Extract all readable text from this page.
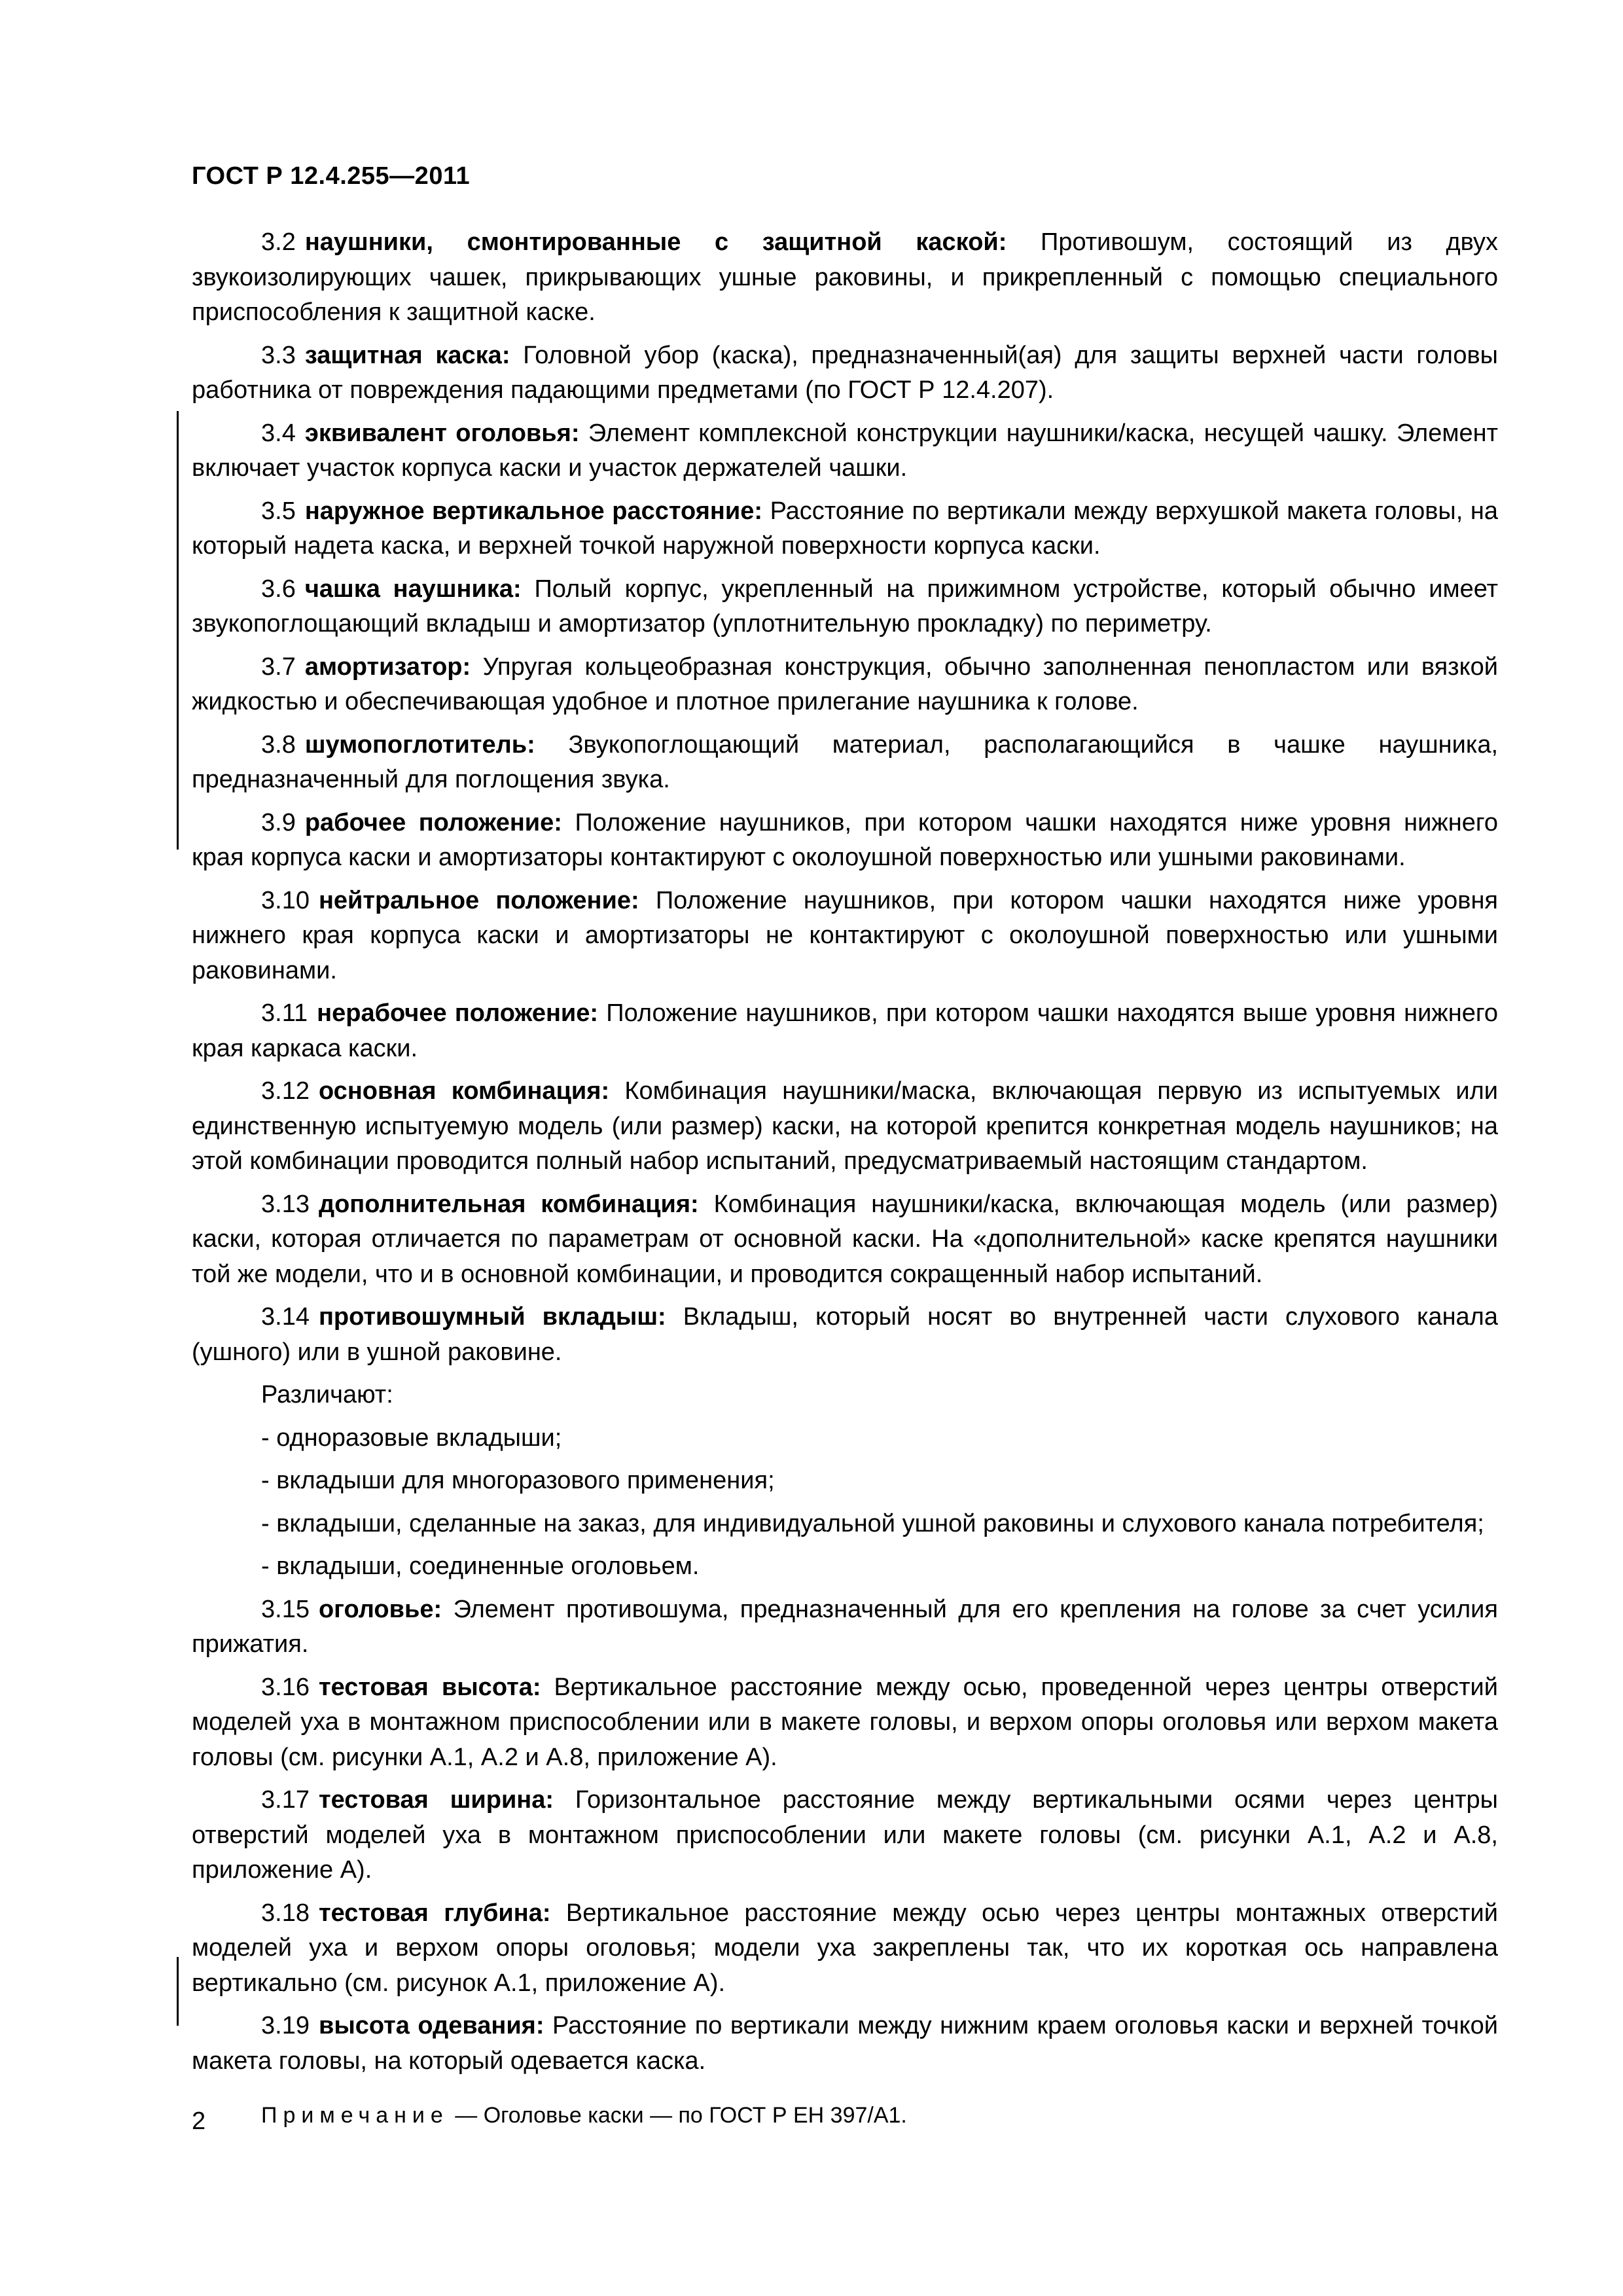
ГОСТ Р 12.4.255—2011

3.2 наушники, смонтированные с защитной каской: Противошум, состоящий из двух звукоизолирующих чашек, прикрывающих ушные раковины, и прикрепленный с помощью специального приспособления к защитной каске.

3.3 защитная каска: Головной убор (каска), предназначенный(ая) для защиты верхней части головы работника от повреждения падающими предметами (по ГОСТ Р 12.4.207).

3.4 эквивалент оголовья: Элемент комплексной конструкции наушники/каска, несущей чашку. Элемент включает участок корпуса каски и участок держателей чашки.

3.5 наружное вертикальное расстояние: Расстояние по вертикали между верхушкой макета головы, на который надета каска, и верхней точкой наружной поверхности корпуса каски.

3.6 чашка наушника: Полый корпус, укрепленный на прижимном устройстве, который обычно имеет звукопоглощающий вкладыш и амортизатор (уплотнительную прокладку) по периметру.

3.7 амортизатор: Упругая кольцеобразная конструкция, обычно заполненная пенопластом или вязкой жидкостью и обеспечивающая удобное и плотное прилегание наушника к голове.

3.8 шумопоглотитель: Звукопоглощающий материал, располагающийся в чашке наушника, предназначенный для поглощения звука.

3.9 рабочее положение: Положение наушников, при котором чашки находятся ниже уровня нижнего края корпуса каски и амортизаторы контактируют с околоушной поверхностью или ушными раковинами.

3.10 нейтральное положение: Положение наушников, при котором чашки находятся ниже уровня нижнего края корпуса каски и амортизаторы не контактируют с околоушной поверхностью или ушными раковинами.

3.11 нерабочее положение: Положение наушников, при котором чашки находятся выше уровня нижнего края каркаса каски.

3.12 основная комбинация: Комбинация наушники/маска, включающая первую из испытуемых или единственную испытуемую модель (или размер) каски, на которой крепится конкретная модель наушников; на этой комбинации проводится полный набор испытаний, предусматриваемый настоящим стандартом.

3.13 дополнительная комбинация: Комбинация наушники/каска, включающая модель (или размер) каски, которая отличается по параметрам от основной каски. На «дополнительной» каске крепятся наушники той же модели, что и в основной комбинации, и проводится сокращенный набор испытаний.

3.14 противошумный вкладыш: Вкладыш, который носят во внутренней части слухового канала (ушного) или в ушной раковине.

Различают:

- одноразовые вкладыши;

- вкладыши для многоразового применения;

- вкладыши, сделанные на заказ, для индивидуальной ушной раковины и слухового канала потребителя;

- вкладыши, соединенные оголовьем.

3.15 оголовье: Элемент противошума, предназначенный для его крепления на голове за счет усилия прижатия.

3.16 тестовая высота: Вертикальное расстояние между осью, проведенной через центры отверстий моделей уха в монтажном приспособлении или в макете головы, и верхом опоры оголовья или верхом макета головы (см. рисунки А.1, А.2 и А.8, приложение А).

3.17 тестовая ширина: Горизонтальное расстояние между вертикальными осями через центры отверстий моделей уха в монтажном приспособлении или макете головы (см. рисунки А.1, А.2 и А.8, приложение А).

3.18 тестовая глубина: Вертикальное расстояние между осью через центры монтажных отверстий моделей уха и верхом опоры оголовья; модели уха закреплены так, что их короткая ось направлена вертикально (см. рисунок А.1, приложение А).

3.19 высота одевания: Расстояние по вертикали между нижним краем оголовья каски и верхней точкой макета головы, на который одевается каска.

Примечание — Оголовье каски — по ГОСТ Р ЕН 397/А1.

2
